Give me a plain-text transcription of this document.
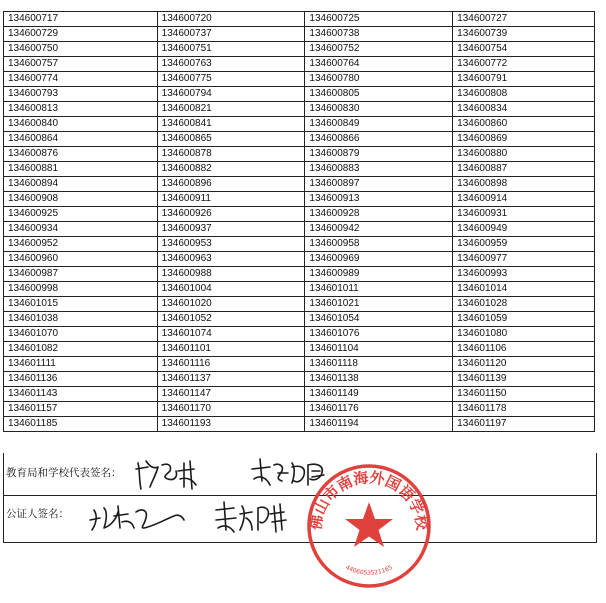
134600717	134600720	134600725	134600727
134600729	134600737	134600738	134600739
134600750	134600751	134600752	134600754
134600757	134600763	134600764	134600772
134600774	134600775	134600780	134600791
134600793	134600794	134600805	134600808
134600813	134600821	134600830	134600834
134600840	134600841	134600849	134600860
134600864	134600865	134600866	134600869
134600876	134600878	134600879	134600880
134600881	134600882	134600883	134600887
134600894	134600896	134600897	134600898
134600908	134600911	134600913	134600914
134600925	134600926	134600928	134600931
134600934	134600937	134600942	134600949
134600952	134600953	134600958	134600959
134600960	134600963	134600969	134600977
134600987	134600988	134600989	134600993
134600998	134601004	134601011	134601014
134601015	134601020	134601021	134601028
134601038	134601052	134601054	134601059
134601070	134601074	134601076	134601080
134601082	134601101	134601104	134601106
134601111	134601116	134601118	134601120
134601136	134601137	134601138	134601139
134601143	134601147	134601149	134601150
134601157	134601170	134601176	134601178
134601185	134601193	134601194	134601197
教育局和学校代表签名：
公证人签名：	佛山市南海外国语学校
4406053521165
